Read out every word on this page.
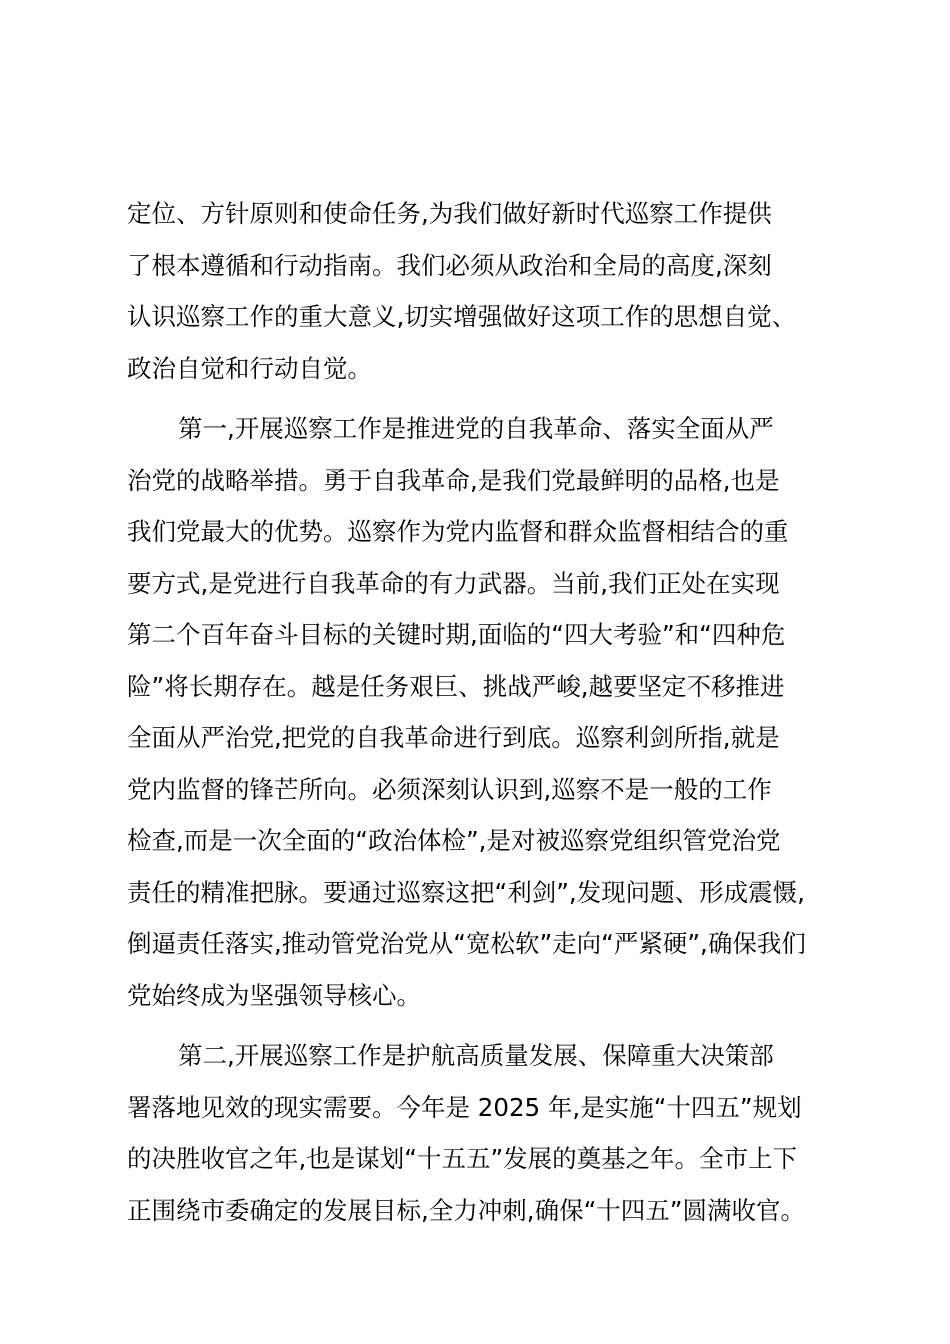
定位、方针原则和使命任务,为我们做好新时代巡察工作提供
了根本遵循和行动指南。我们必须从政治和全局的高度,深刻
认识巡察工作的重大意义,切实增强做好这项工作的思想自觉、
政治自觉和行动自觉。
第一,开展巡察工作是推进党的自我革命、落实全面从严
治党的战略举措。勇于自我革命,是我们党最鲜明的品格,也是
我们党最大的优势。巡察作为党内监督和群众监督相结合的重
要方式,是党进行自我革命的有力武器。当前,我们正处在实现
第二个百年奋斗目标的关键时期,面临的“四大考验”和“四种危
险”将长期存在。越是任务艰巨、挑战严峻,越要坚定不移推进
全面从严治党,把党的自我革命进行到底。巡察利剑所指,就是
党内监督的锋芒所向。必须深刻认识到,巡察不是一般的工作
检查,而是一次全面的“政治体检”,是对被巡察党组织管党治党
责任的精准把脉。要通过巡察这把“利剑”,发现问题、形成震慑,
倒逼责任落实,推动管党治党从“宽松软”走向“严紧硬”,确保我们
党始终成为坚强领导核心。
第二,开展巡察工作是护航高质量发展、保障重大决策部
署落地见效的现实需要。今年是 2025 年,是实施“十四五”规划
的决胜收官之年,也是谋划“十五五”发展的奠基之年。全市上下
正围绕市委确定的发展目标,全力冲刺,确保“十四五”圆满收官。
